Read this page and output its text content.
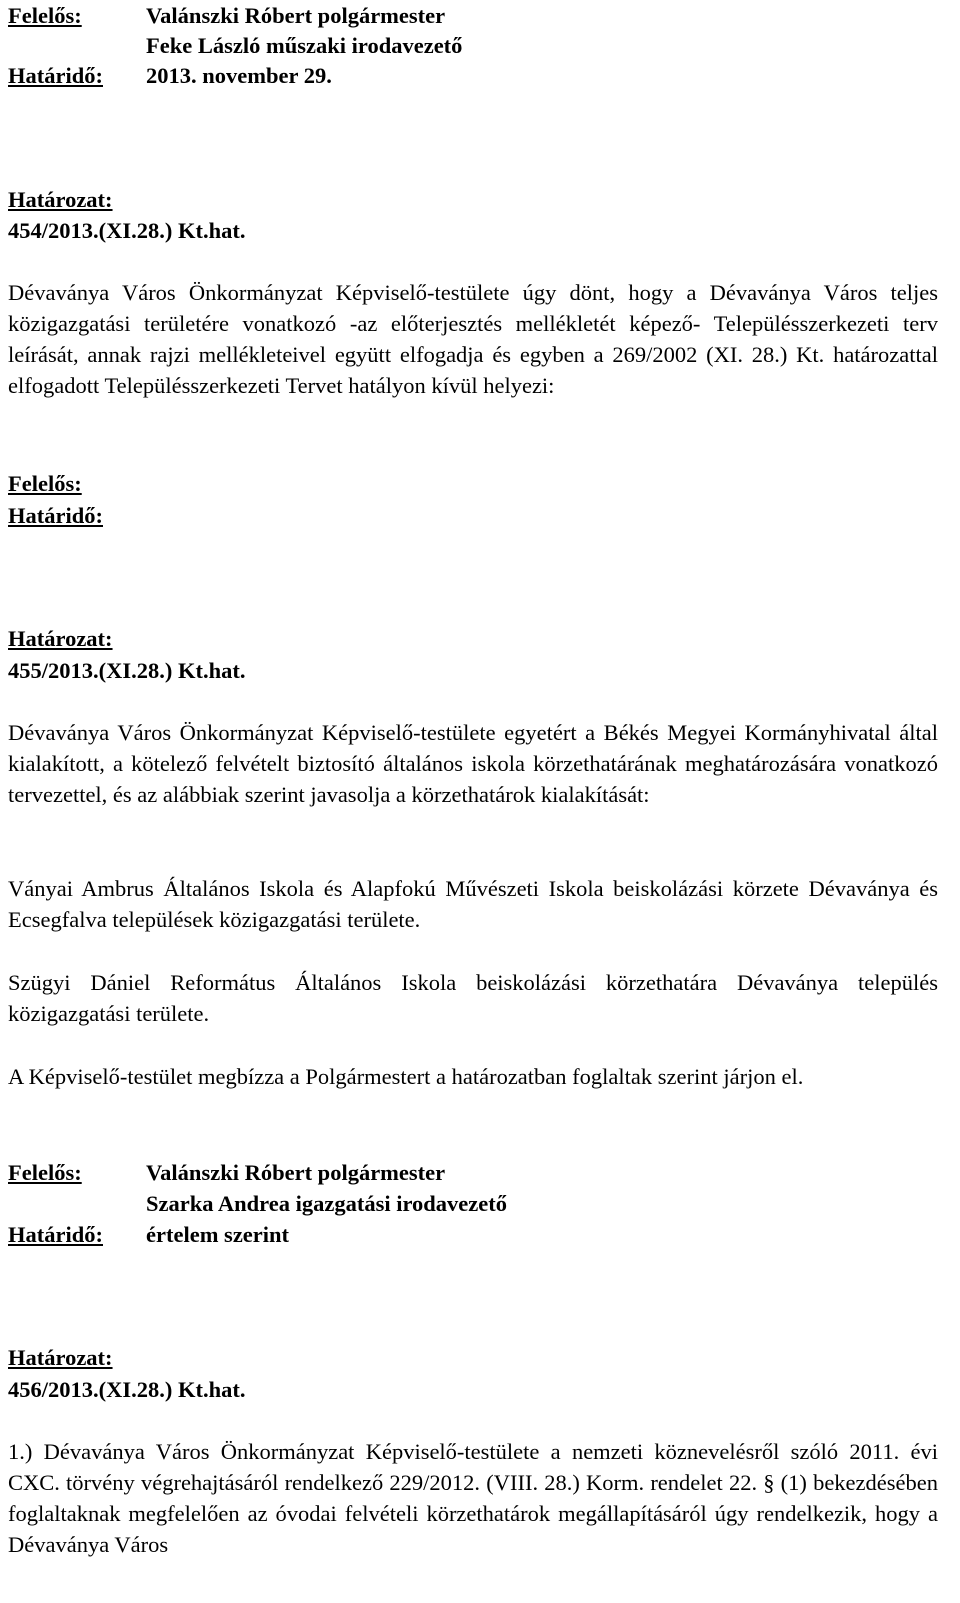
Felelős:	Valánszki Róbert polgármester
Feke László műszaki irodavezető
Határidő:	2013. november 29.
Határozat:
454/2013.(XI.28.) Kt.hat.

Dévaványa Város Önkormányzat Képviselő-testülete úgy dönt, hogy a Dévaványa Város teljes közigazgatási területére vonatkozó -az előterjesztés mellékletét képező- Településszerkezeti terv leírását, annak rajzi mellékleteivel együtt elfogadja és egyben a 269/2002 (XI. 28.) Kt. határozattal elfogadott Településszerkezeti Tervet hatályon kívül helyezi:

Felelős:
Határidő:
Határozat:
455/2013.(XI.28.) Kt.hat.

Dévaványa Város Önkormányzat Képviselő-testülete egyetért a Békés Megyei Kormányhivatal által kialakított, a kötelező felvételt biztosító általános iskola körzethatárának meghatározására vonatkozó tervezettel, és az alábbiak szerint javasolja a körzethatárok kialakítását:

Ványai Ambrus Általános Iskola és Alapfokú Művészeti Iskola beiskolázási körzete Dévaványa és Ecsegfalva települések közigazgatási területe.

Szügyi Dániel Református Általános Iskola beiskolázási körzethatára Dévaványa település közigazgatási területe.

A Képviselő-testület megbízza a Polgármestert a határozatban foglaltak szerint járjon el.

Felelős:	Valánszki Róbert polgármester
Szarka Andrea igazgatási irodavezető
Határidő:	értelem szerint
Határozat:
456/2013.(XI.28.) Kt.hat.

1.) Dévaványa Város Önkormányzat Képviselő-testülete a nemzeti köznevelésről szóló 2011. évi CXC. törvény végrehajtásáról rendelkező 229/2012. (VIII. 28.) Korm. rendelet 22. § (1) bekezdésében foglaltaknak megfelelően az óvodai felvételi körzethatárok megállapításáról úgy rendelkezik, hogy a Dévaványa Város
